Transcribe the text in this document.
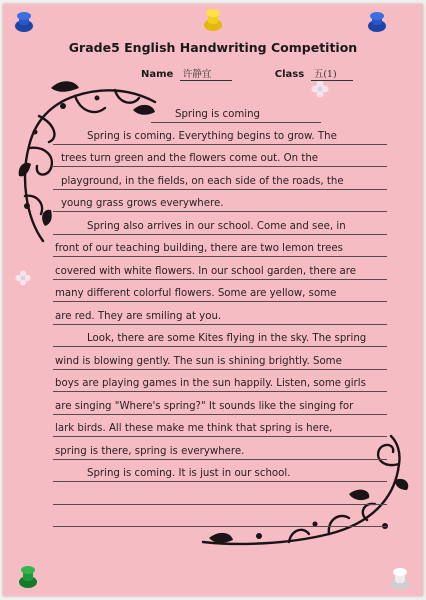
Grade5 English Handwriting Competition
Name 许静宜	Class 五(1)
Spring is coming
Spring is coming. Everything begins to grow. The
trees turn green and the flowers come out. On the
playground, in the fields, on each side of the roads, the
young grass grows everywhere.
Spring also arrives in our school. Come and see, in
front of our teaching building, there are two lemon trees
covered with white flowers. In our school garden, there are
many different colorful flowers. Some are yellow, some
are red. They are smiling at you.
Look, there are some Kites flying in the sky. The spring
wind is blowing gently. The sun is shining brightly. Some
boys are playing games in the sun happily. Listen, some girls
are singing "Where's spring?" It sounds like the singing for
lark birds. All these make me think that spring is here,
spring is there, spring is everywhere.
Spring is coming. It is just in our school.
